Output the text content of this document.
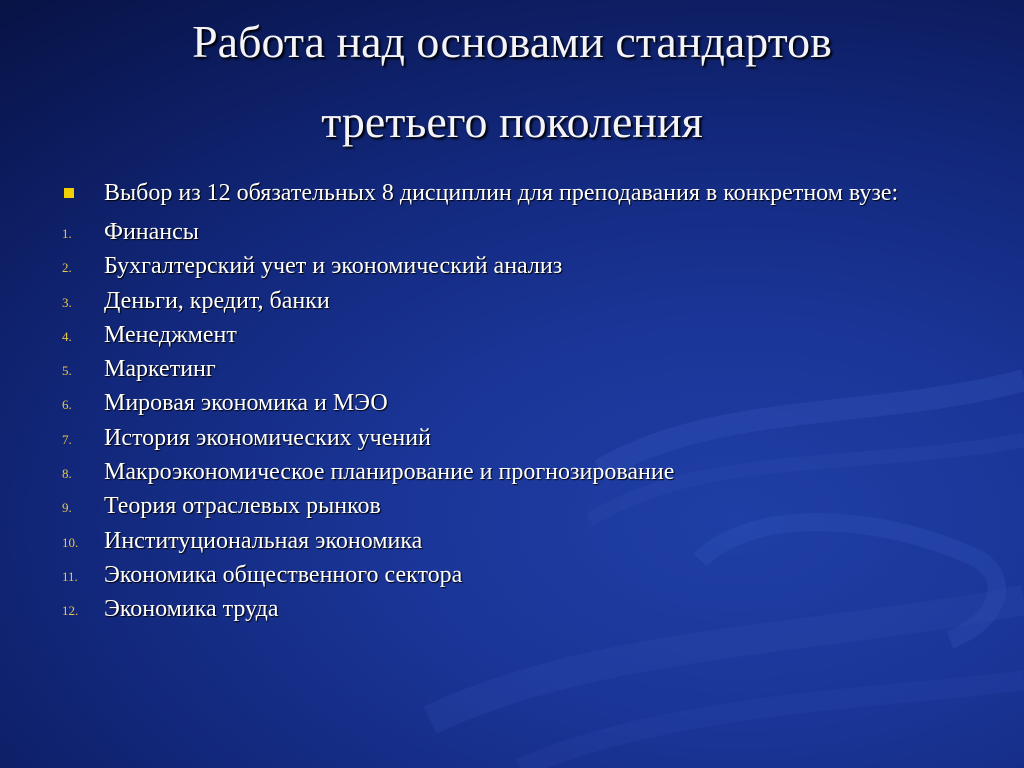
Работа над основами стандартов
третьего поколения
Выбор из 12 обязательных 8 дисциплин для преподавания в конкретном вузе:
1. Финансы
2. Бухгалтерский учет и экономический анализ
3. Деньги, кредит, банки
4. Менеджмент
5. Маркетинг
6. Мировая экономика и МЭО
7. История экономических учений
8. Макроэкономическое планирование и прогнозирование
9. Теория отраслевых рынков
10. Институциональная экономика
11. Экономика общественного сектора
12. Экономика труда
